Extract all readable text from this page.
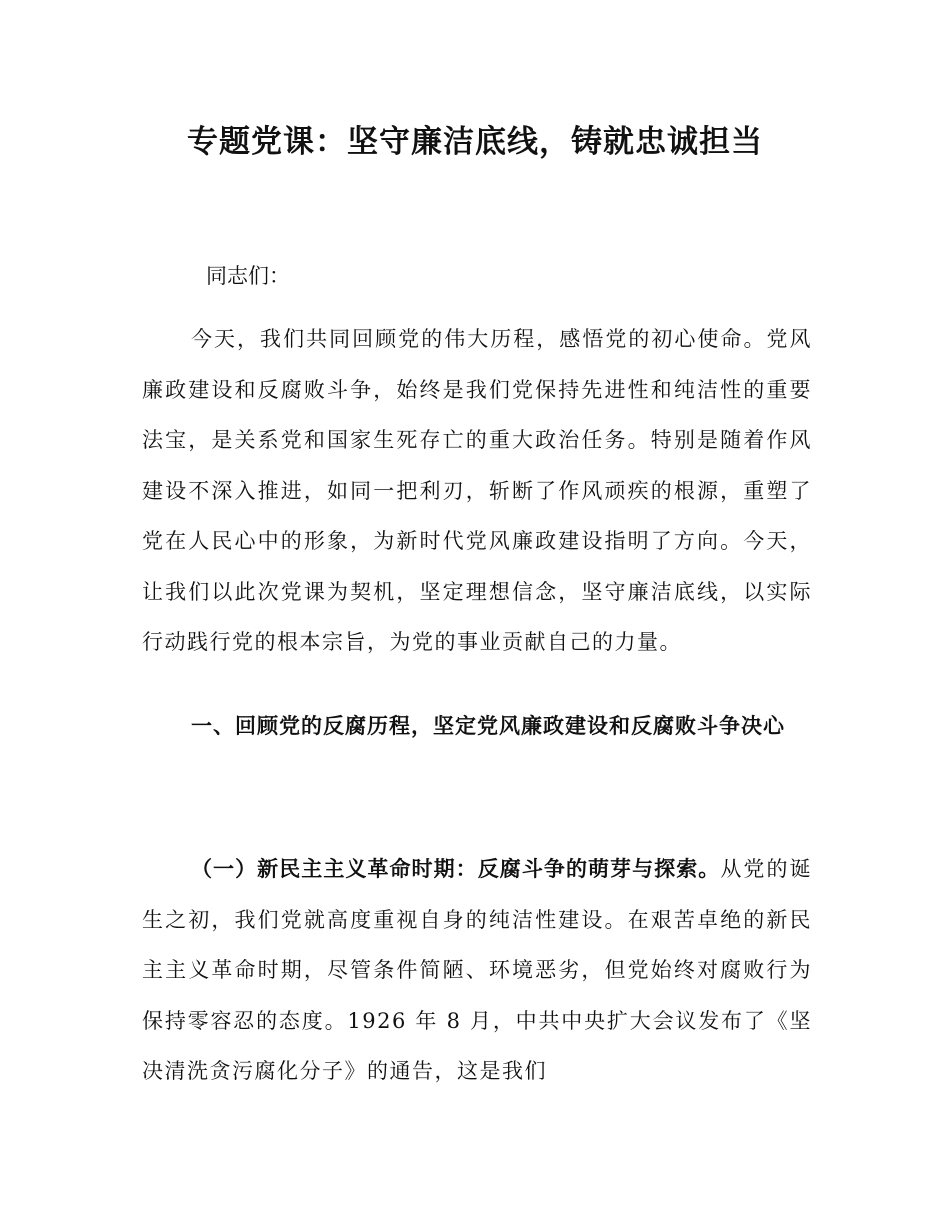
专题党课：坚守廉洁底线，铸就忠诚担当

同志们：

今天，我们共同回顾党的伟大历程，感悟党的初心使命。党风廉政建设和反腐败斗争，始终是我们党保持先进性和纯洁性的重要法宝，是关系党和国家生死存亡的重大政治任务。特别是随着作风建设不深入推进，如同一把利刃，斩断了作风顽疾的根源，重塑了党在人民心中的形象，为新时代党风廉政建设指明了方向。今天，让我们以此次党课为契机，坚定理想信念，坚守廉洁底线，以实际行动践行党的根本宗旨，为党的事业贡献自己的力量。

一、回顾党的反腐历程，坚定党风廉政建设和反腐败斗争决心

（一）新民主主义革命时期：反腐斗争的萌芽与探索。从党的诞生之初，我们党就高度重视自身的纯洁性建设。在艰苦卓绝的新民主主义革命时期，尽管条件简陋、环境恶劣，但党始终对腐败行为保持零容忍的态度。1926 年 8 月，中共中央扩大会议发布了《坚决清洗贪污腐化分子》的通告，这是我们
